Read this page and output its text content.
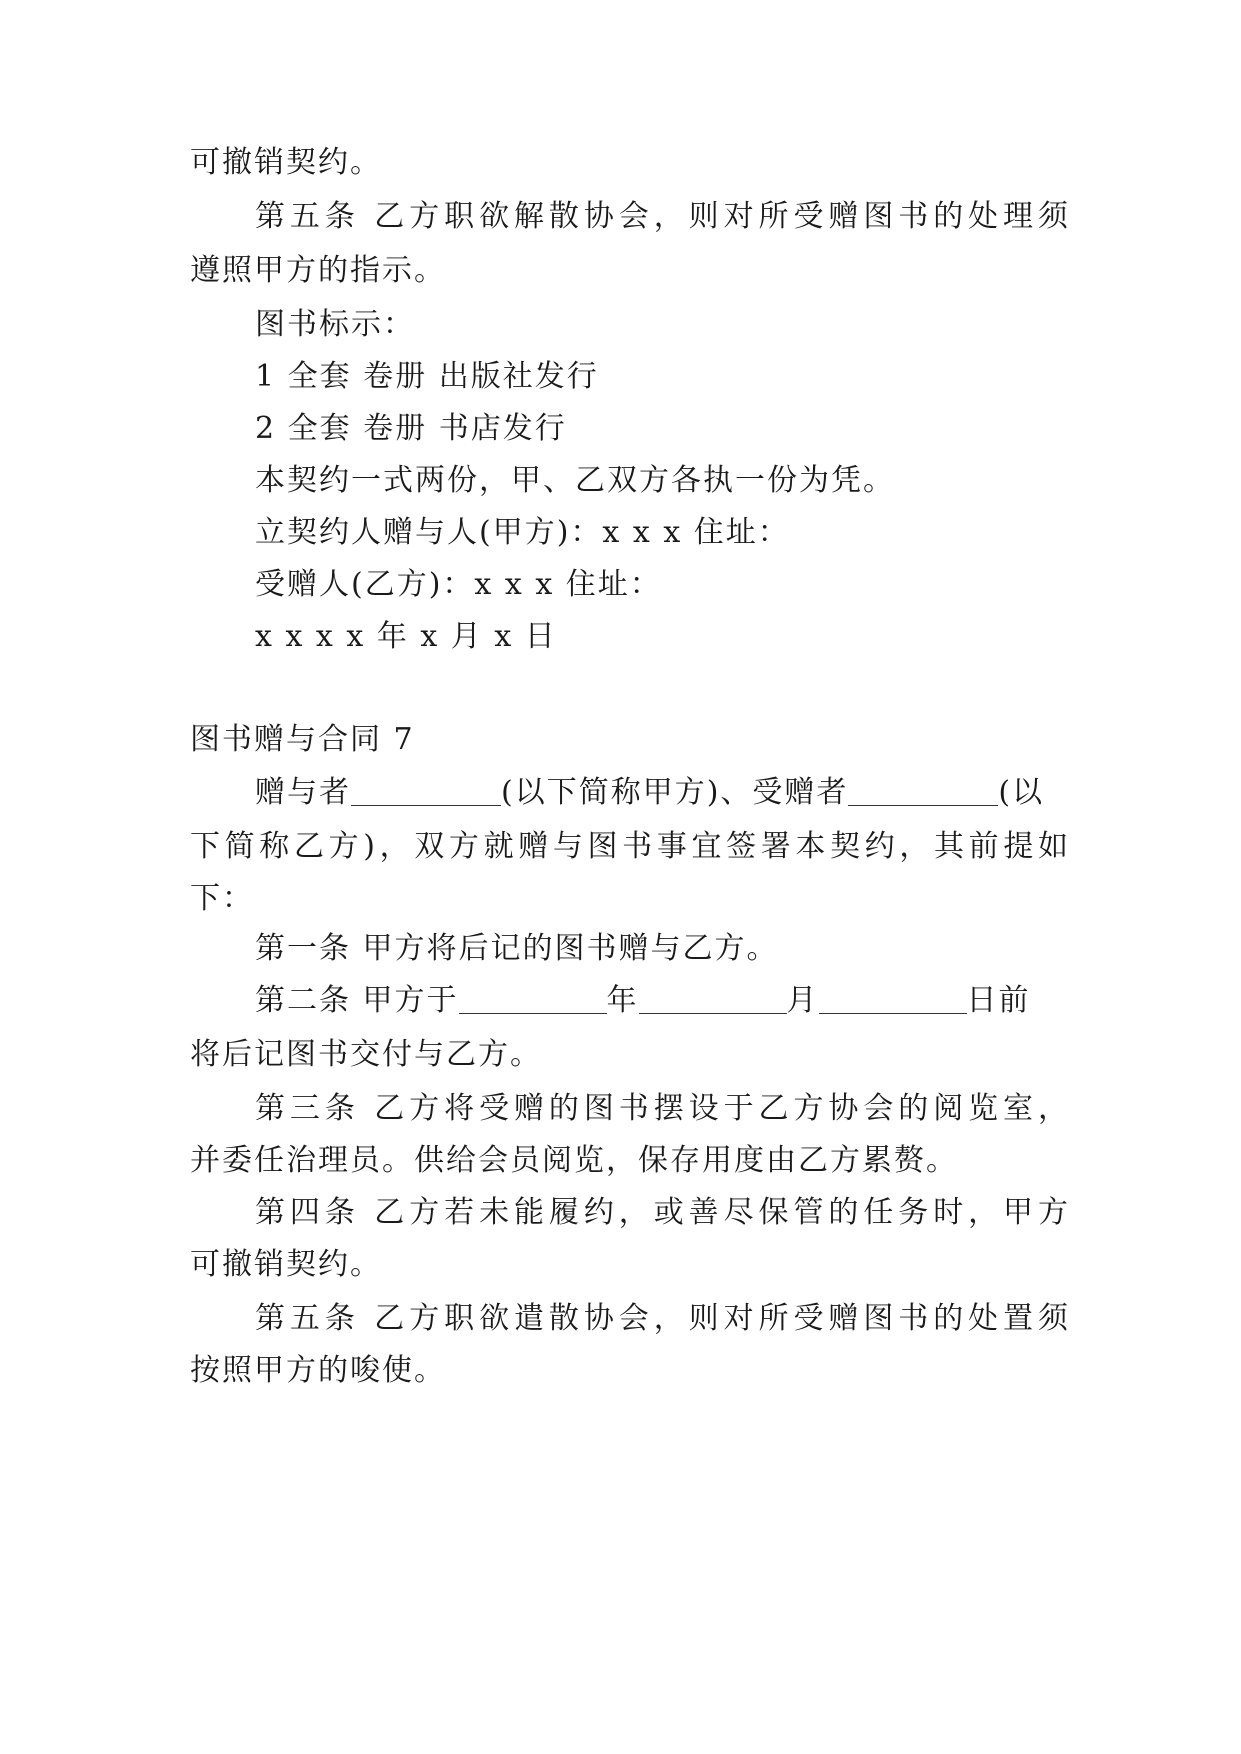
可撤销契约。
第五条 乙方职欲解散协会，则对所受赠图书的处理须
遵照甲方的指示。
图书标示：
1 全套 卷册 出版社发行
2 全套 卷册 书店发行
本契约一式两份，甲、乙双方各执一份为凭。
立契约人赠与人(甲方)：x x x 住址：
受赠人(乙方)：x x x 住址：
x x x x 年 x 月 x 日
图书赠与合同 7
赠与者	(以下简称甲方)、受赠者	(以
下简称乙方)，双方就赠与图书事宜签署本契约，其前提如
下：
第一条 甲方将后记的图书赠与乙方。
第二条 甲方于	年	月	日前
将后记图书交付与乙方。
第三条 乙方将受赠的图书摆设于乙方协会的阅览室，
并委任治理员。供给会员阅览，保存用度由乙方累赘。
第四条 乙方若未能履约，或善尽保管的任务时，甲方
可撤销契约。
第五条 乙方职欲遣散协会，则对所受赠图书的处置须
按照甲方的唆使。
